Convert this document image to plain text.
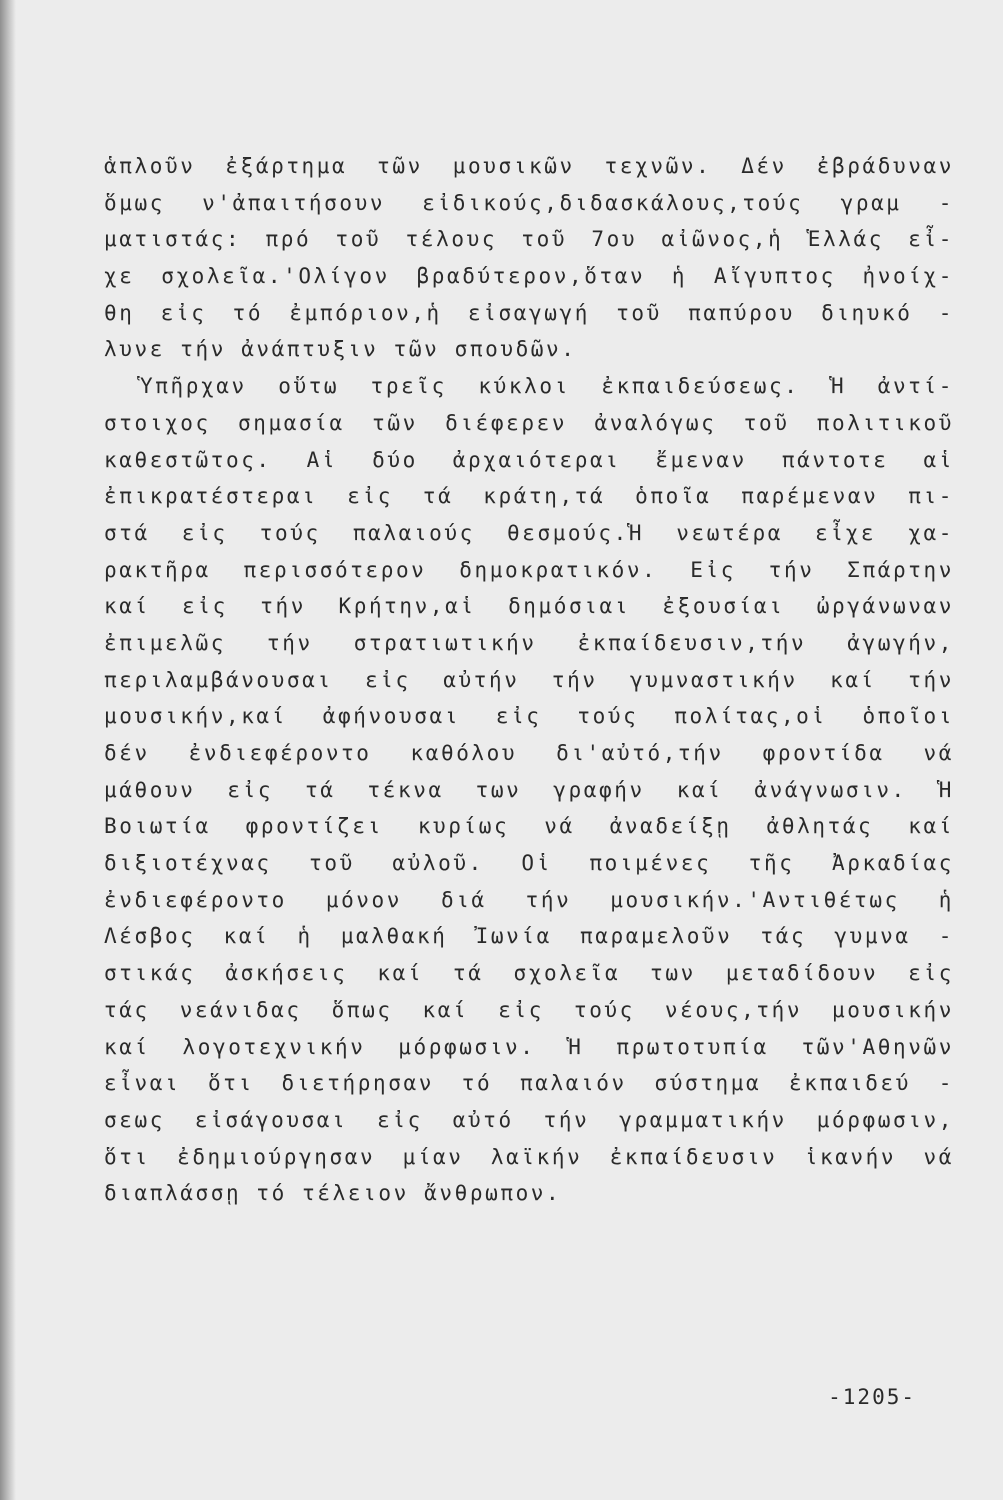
ἁπλοῦν ἐξάρτημα τῶν μουσικῶν τεχνῶν. Δέν ἐβράδυναν
ὅμως ν'ἀπαιτήσουν εἰδικούς,διδασκάλους,τούς γραμ -
ματιστάς: πρό τοῦ τέλους τοῦ 7ου αἰῶνος,ἡ Ἑλλάς εἶ-
χε σχολεῖα.'Ολίγον βραδύτερον,ὅταν ἡ Αἴγυπτος ἠνοίχ-
θη εἰς τό ἐμπόριον,ἡ εἰσαγωγή τοῦ παπύρου διηυκό -
λυνε τήν ἀνάπτυξιν τῶν σπουδῶν.
Ὑπῆρχαν οὕτω τρεῖς κύκλοι ἐκπαιδεύσεως. Ἡ ἀντί-
στοιχος σημασία τῶν διέφερεν ἀναλόγως τοῦ πολιτικοῦ
καθεστῶτος. Αἱ δύο ἀρχαιότεραι ἔμεναν πάντοτε αἱ
ἐπικρατέστεραι εἰς τά κράτη,τά ὁποῖα παρέμεναν πι-
στά εἰς τούς παλαιούς θεσμούς.Ἡ νεωτέρα εἶχε χα-
ρακτῆρα περισσότερον δημοκρατικόν. Εἰς τήν Σπάρτην
καί εἰς τήν Κρήτην,αἱ δημόσιαι ἐξουσίαι ὠργάνωναν
ἐπιμελῶς τήν στρατιωτικήν ἐκπαίδευσιν,τήν ἀγωγήν,
περιλαμβάνουσαι εἰς αὐτήν τήν γυμναστικήν καί τήν
μουσικήν,καί ἀφήνουσαι εἰς τούς πολίτας,οἱ ὁποῖοι
δέν ἐνδιεφέροντο καθόλου δι'αὐτό,τήν φροντίδα νά
μάθουν εἰς τά τέκνα των γραφήν καί ἀνάγνωσιν. Ἡ
Βοιωτία φροντίζει κυρίως νά ἀναδείξῃ ἀθλητάς καί
διξιοτέχνας τοῦ αὐλοῦ. Οἱ ποιμένες τῆς Ἀρκαδίας
ἐνδιεφέροντο μόνον διά τήν μουσικήν.'Αντιθέτως ἡ
Λέσβος καί ἡ μαλθακή Ἰωνία παραμελοῦν τάς γυμνα -
στικάς ἀσκήσεις καί τά σχολεῖα των μεταδίδουν εἰς
τάς νεάνιδας ὅπως καί εἰς τούς νέους,τήν μουσικήν
καί λογοτεχνικήν μόρφωσιν. Ἡ πρωτοτυπία τῶν'Αθηνῶν
εἶναι ὅτι διετήρησαν τό παλαιόν σύστημα ἐκπαιδεύ -
σεως εἰσάγουσαι εἰς αὐτό τήν γραμματικήν μόρφωσιν,
ὅτι ἐδημιούργησαν μίαν λαϊκήν ἐκπαίδευσιν ἱκανήν νά
διαπλάσσῃ τό τέλειον ἄνθρωπον.
-1205-
